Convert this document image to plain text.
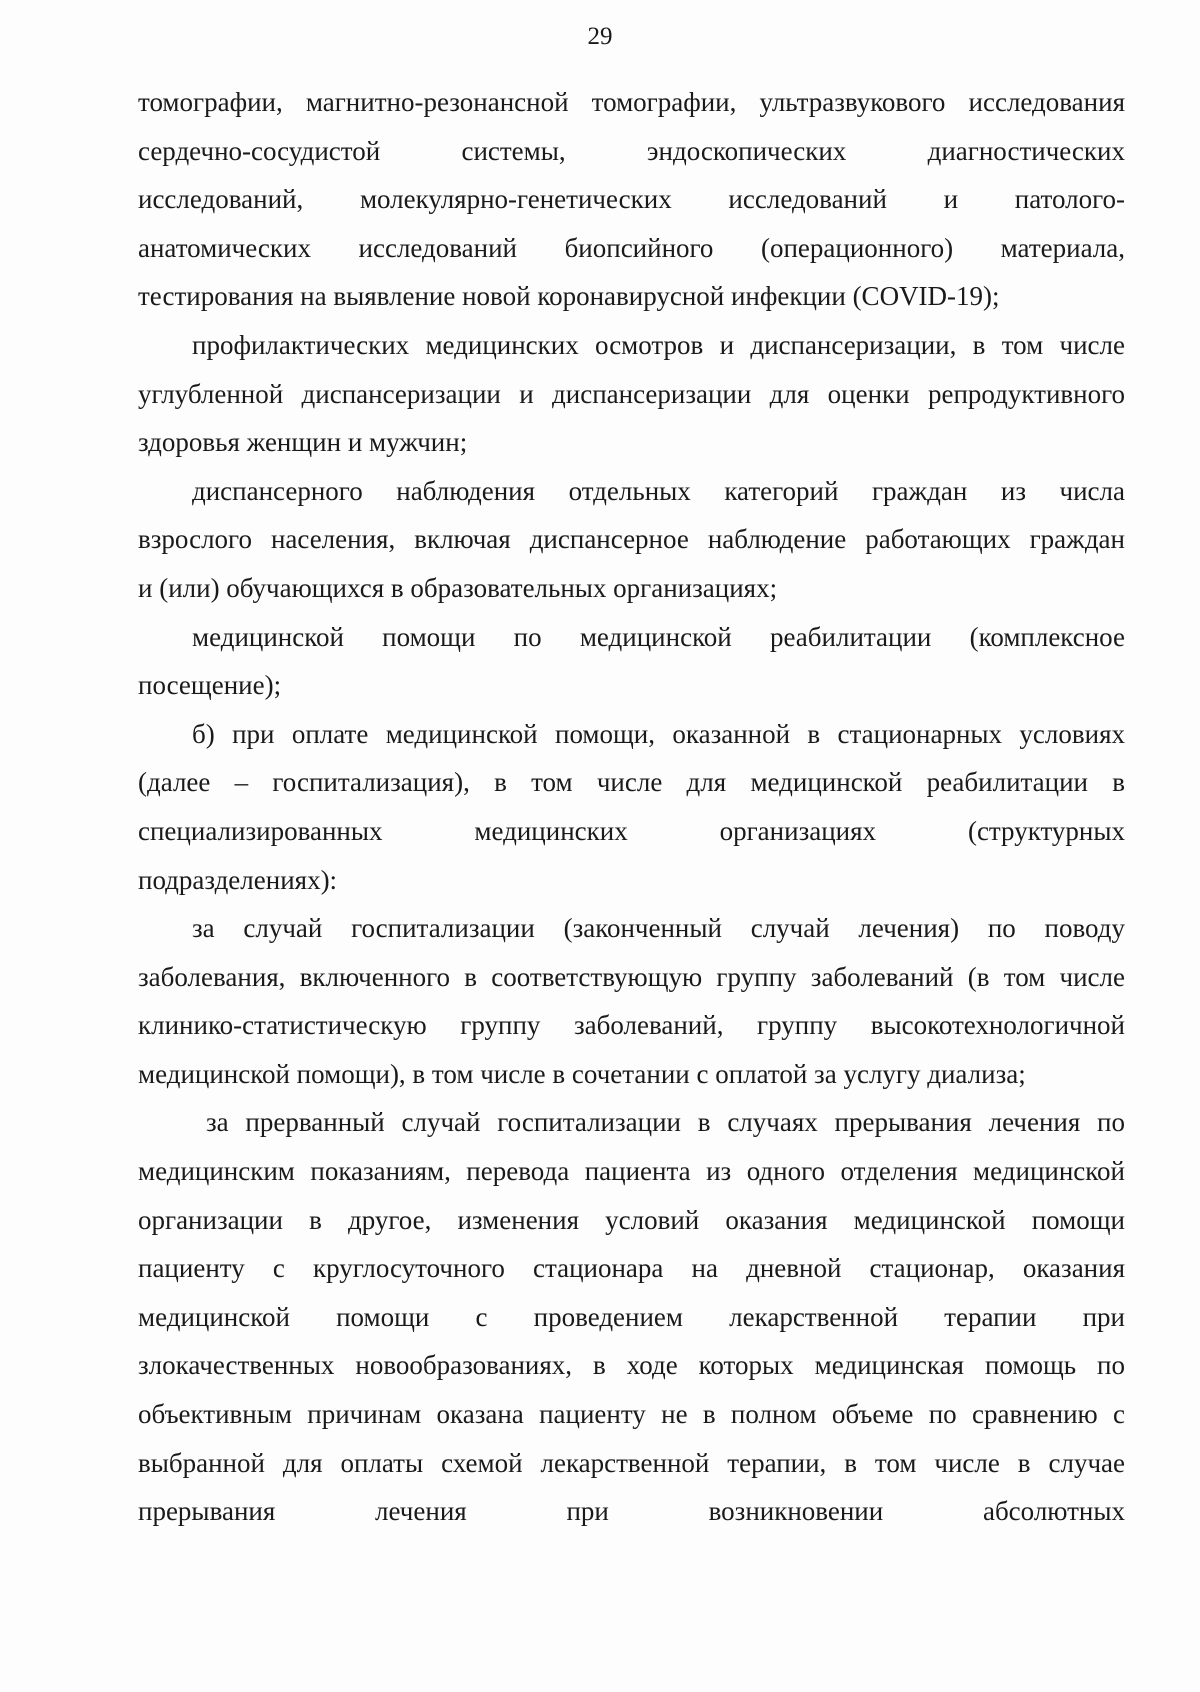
29
томографии, магнитно-резонансной томографии, ультразвукового исследования
сердечно-сосудистой системы, эндоскопических диагностических
исследований, молекулярно-генетических исследований и патолого-
анатомических исследований биопсийного (операционного) материала,
тестирования на выявление новой коронавирусной инфекции (COVID-19);
профилактических медицинских осмотров и диспансеризации, в том числе
углубленной диспансеризации и диспансеризации для оценки репродуктивного
здоровья женщин и мужчин;
диспансерного наблюдения отдельных категорий граждан из числа
взрослого населения, включая диспансерное наблюдение работающих граждан
и (или) обучающихся в образовательных организациях;
медицинской помощи по медицинской реабилитации (комплексное
посещение);
б) при оплате медицинской помощи, оказанной в стационарных условиях
(далее – госпитализация), в том числе для медицинской реабилитации в
специализированных медицинских организациях (структурных
подразделениях):
за случай госпитализации (законченный случай лечения) по поводу
заболевания, включенного в соответствующую группу заболеваний (в том числе
клинико-статистическую группу заболеваний, группу высокотехнологичной
медицинской помощи), в том числе в сочетании с оплатой за услугу диализа;
за прерванный случай госпитализации в случаях прерывания лечения по
медицинским показаниям, перевода пациента из одного отделения медицинской
организации в другое, изменения условий оказания медицинской помощи
пациенту с круглосуточного стационара на дневной стационар, оказания
медицинской помощи с проведением лекарственной терапии при
злокачественных новообразованиях, в ходе которых медицинская помощь по
объективным причинам оказана пациенту не в полном объеме по сравнению с
выбранной для оплаты схемой лекарственной терапии, в том числе в случае
прерывания лечения при возникновении абсолютных
